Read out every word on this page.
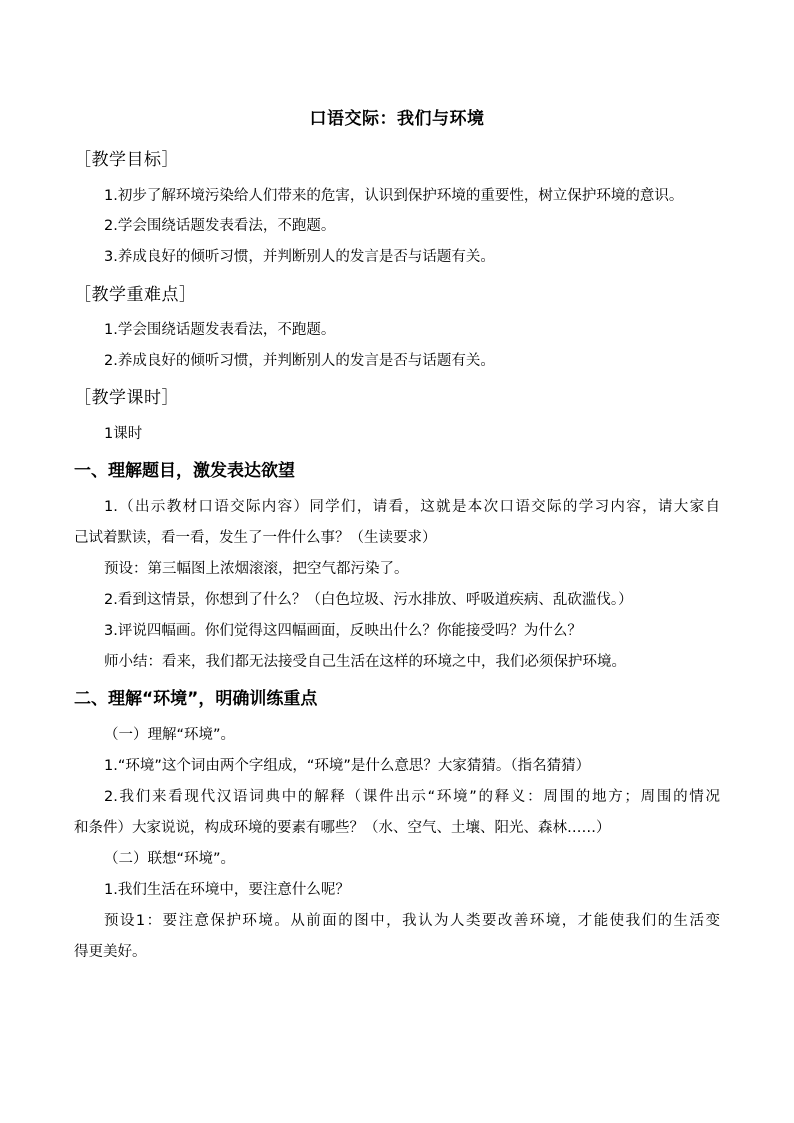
口语交际：我们与环境
［教学目标］
1.初步了解环境污染给人们带来的危害，认识到保护环境的重要性，树立保护环境的意识。
2.学会围绕话题发表看法，不跑题。
3.养成良好的倾听习惯，并判断别人的发言是否与话题有关。
［教学重难点］
1.学会围绕话题发表看法，不跑题。
2.养成良好的倾听习惯，并判断别人的发言是否与话题有关。
［教学课时］
1课时
一、理解题目，激发表达欲望
1.（出示教材口语交际内容）同学们，请看，这就是本次口语交际的学习内容，请大家自
己试着默读，看一看，发生了一件什么事？（生读要求）
预设：第三幅图上浓烟滚滚，把空气都污染了。
2.看到这情景，你想到了什么？（白色垃圾、污水排放、呼吸道疾病、乱砍滥伐。）
3.评说四幅画。你们觉得这四幅画面，反映出什么？你能接受吗？为什么？
师小结：看来，我们都无法接受自己生活在这样的环境之中，我们必须保护环境。
二、理解“环境”，明确训练重点
（一）理解“环境”。
1.“环境”这个词由两个字组成，“环境”是什么意思？大家猜猜。（指名猜猜）
2.我们来看现代汉语词典中的解释（课件出示“环境”的释义：周围的地方；周围的情况
和条件）大家说说，构成环境的要素有哪些？（水、空气、土壤、阳光、森林……）
（二）联想“环境”。
1.我们生活在环境中，要注意什么呢？
预设1：要注意保护环境。从前面的图中，我认为人类要改善环境，才能使我们的生活变
得更美好。
